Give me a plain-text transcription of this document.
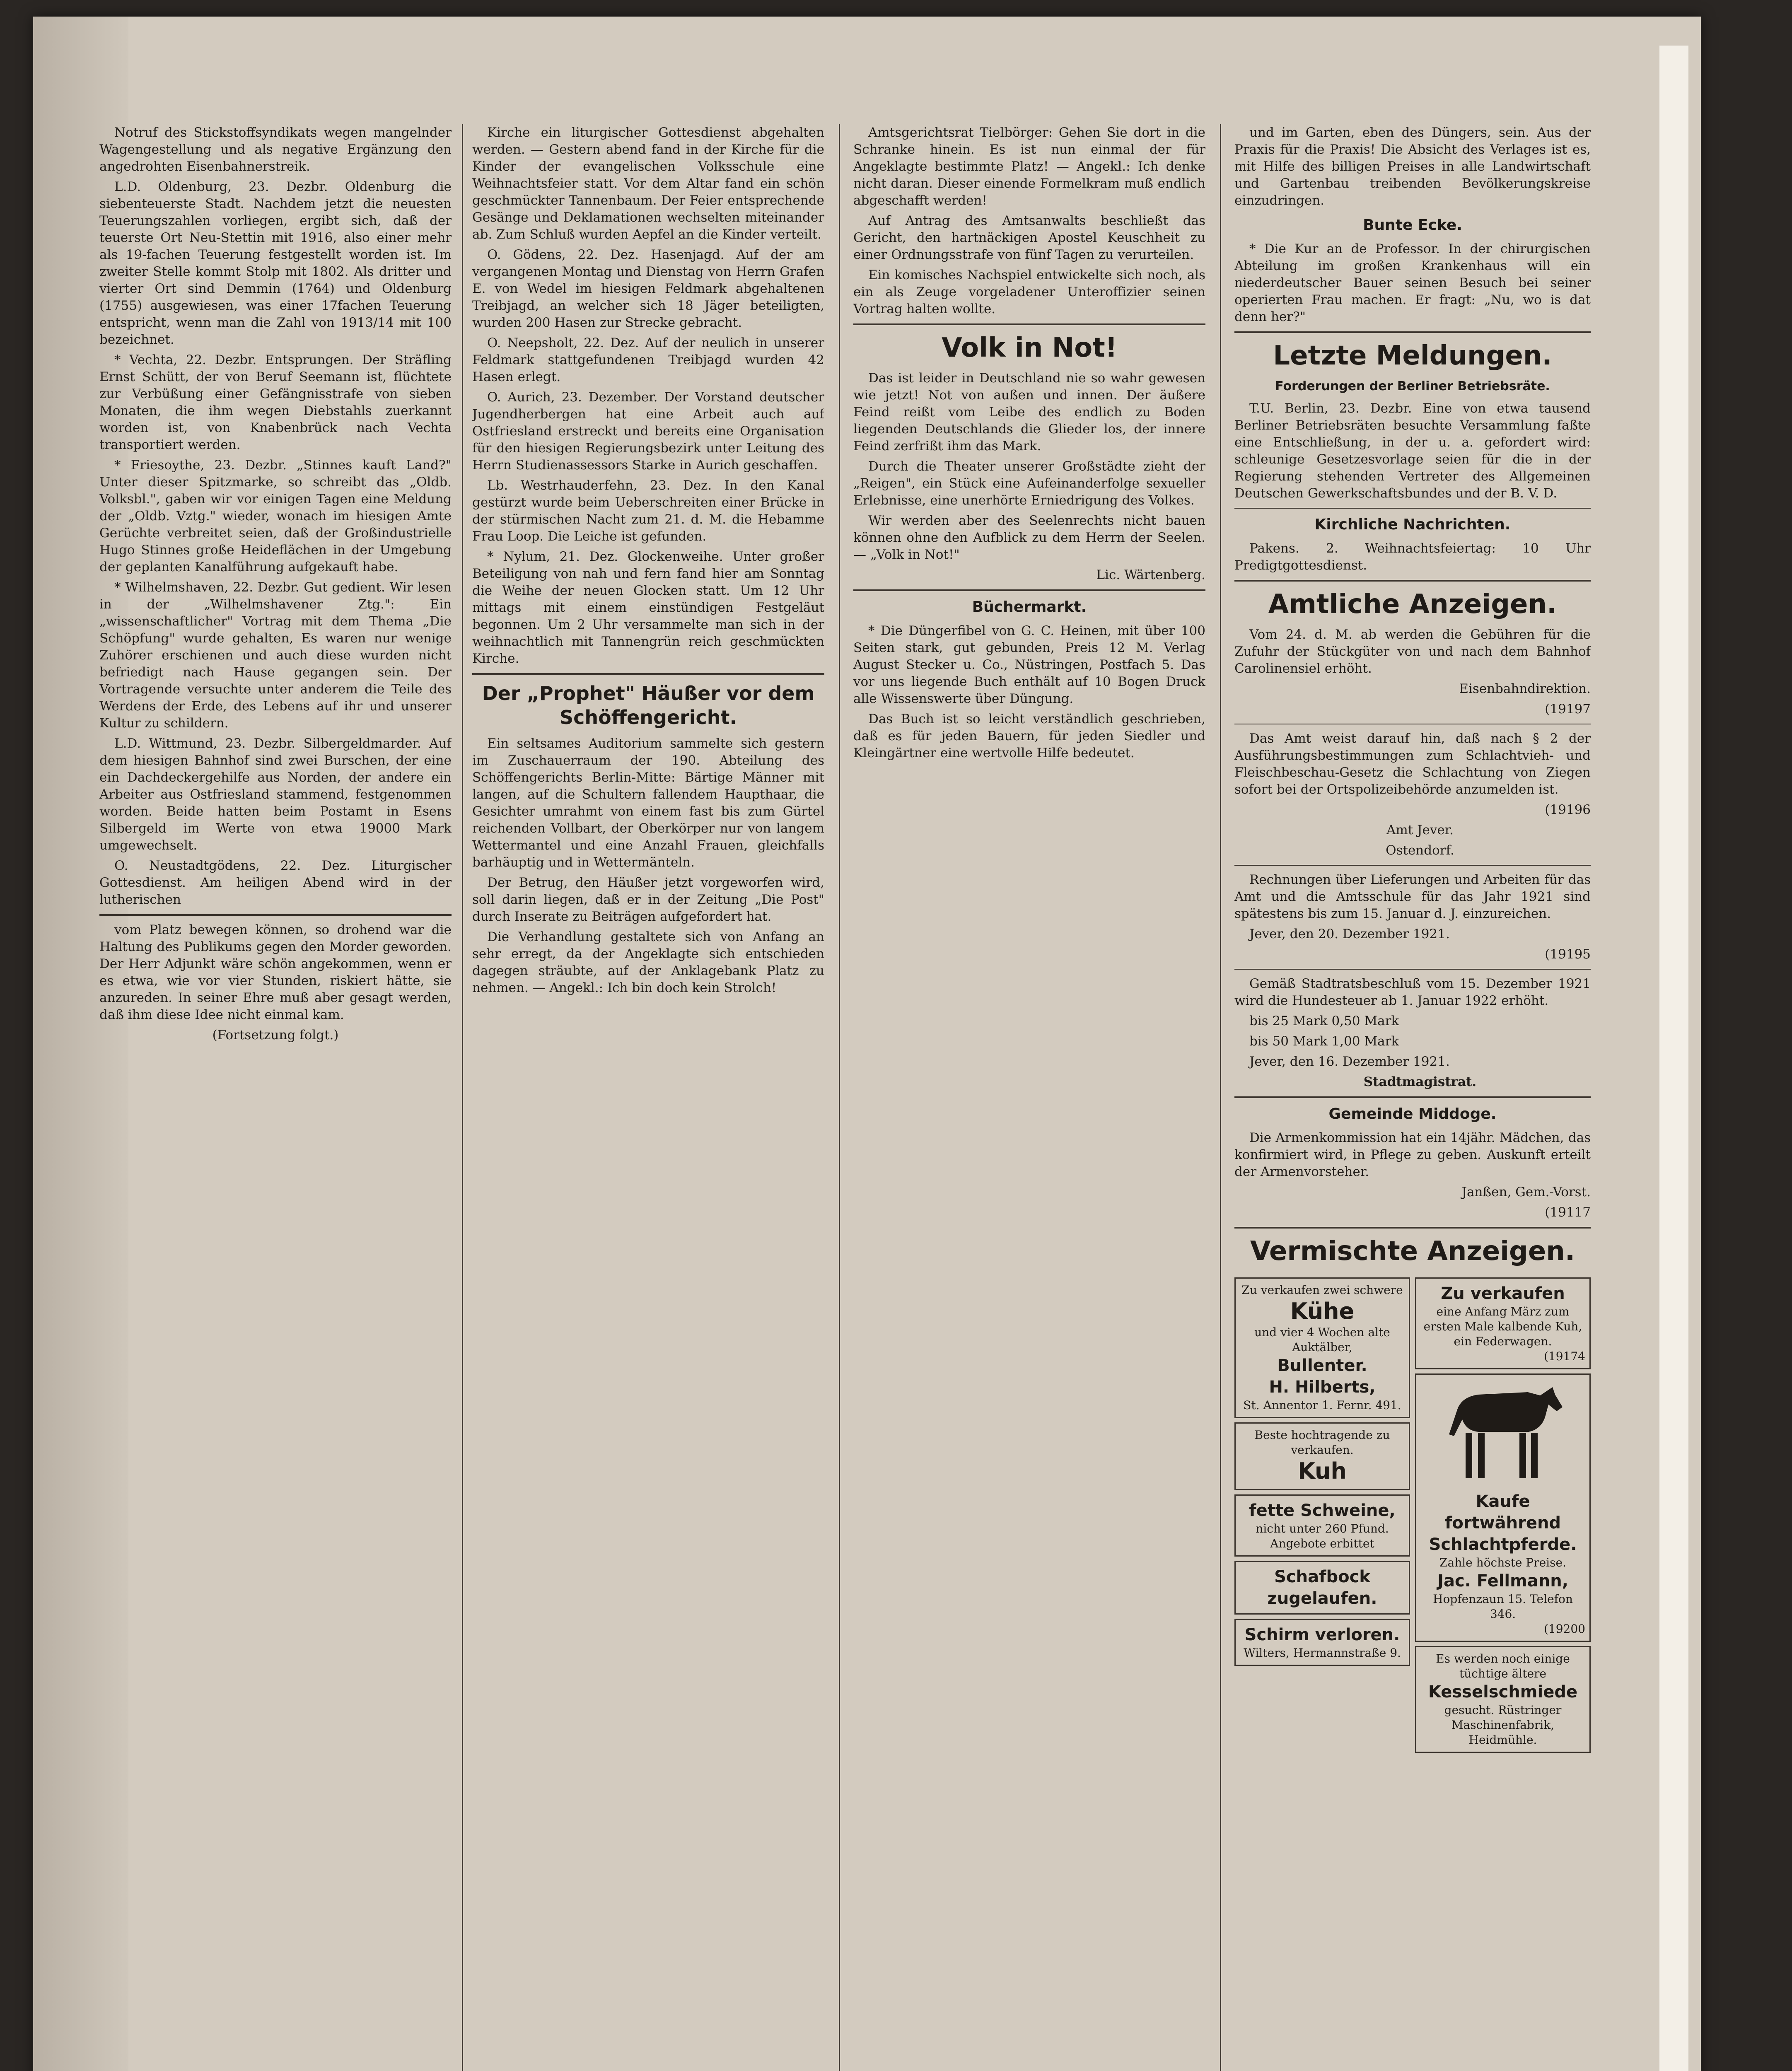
Notruf des Stickstoffsyndikats wegen mangelnder Wagengestellung und als negative Ergänzung den angedrohten Eisenbahnerstreik.

L.D. Oldenburg, 23. Dezbr. Oldenburg die siebenteuerste Stadt. Nachdem jetzt die neuesten Teuerungszahlen vorliegen, ergibt sich, daß der teuerste Ort Neu-Stettin mit 1916, also einer mehr als 19-fachen Teuerung festgestellt worden ist. Im zweiter Stelle kommt Stolp mit 1802. Als dritter und vierter Ort sind Demmin (1764) und Oldenburg (1755) ausgewiesen, was einer 17fachen Teuerung entspricht, wenn man die Zahl von 1913/14 mit 100 bezeichnet.

* Vechta, 22. Dezbr. Entsprungen. Der Sträfling Ernst Schütt, der von Beruf Seemann ist, flüchtete zur Verbüßung einer Gefängnisstrafe von sieben Monaten, die ihm wegen Diebstahls zuerkannt worden ist, von Knabenbrück nach Vechta transportiert werden.

* Friesoythe, 23. Dezbr. „Stinnes kauft Land?" Unter dieser Spitzmarke, so schreibt das „Oldb. Volksbl.", gaben wir vor einigen Tagen eine Meldung der „Oldb. Vztg." wieder, wonach im hiesigen Amte Gerüchte verbreitet seien, daß der Großindustrielle Hugo Stinnes große Heideflächen in der Umgebung der geplanten Kanalführung aufgekauft habe.

* Wilhelmshaven, 22. Dezbr. Gut gedient. Wir lesen in der „Wilhelmshavener Ztg.": Ein „wissenschaftlicher" Vortrag mit dem Thema „Die Schöpfung" wurde gehalten, Es waren nur wenige Zuhörer erschienen und auch diese wurden nicht befriedigt nach Hause gegangen sein. Der Vortragende versuchte unter anderem die Teile des Werdens der Erde, des Lebens auf ihr und unserer Kultur zu schildern.

L.D. Wittmund, 23. Dezbr. Silbergeldmarder. Auf dem hiesigen Bahnhof sind zwei Burschen, der eine ein Dachdeckergehilfe aus Norden, der andere ein Arbeiter aus Ostfriesland stammend, festgenommen worden. Beide hatten beim Postamt in Esens Silbergeld im Werte von etwa 19000 Mark umgewechselt.

O. Neustadtgödens, 22. Dez. Liturgischer Gottesdienst. Am heiligen Abend wird in der lutherischen

vom Platz bewegen können, so drohend war die Haltung des Publikums gegen den Morder geworden. Der Herr Adjunkt wäre schön angekommen, wenn er es etwa, wie vor vier Stunden, riskiert hätte, sie anzureden. In seiner Ehre muß aber gesagt werden, daß ihm diese Idee nicht einmal kam.

(Fortsetzung folgt.)

Kirche ein liturgischer Gottesdienst abgehalten werden. — Gestern abend fand in der Kirche für die Kinder der evangelischen Volksschule eine Weihnachtsfeier statt. Vor dem Altar fand ein schön geschmückter Tannenbaum. Der Feier entsprechende Gesänge und Deklamationen wechselten miteinander ab. Zum Schluß wurden Aepfel an die Kinder verteilt.

O. Gödens, 22. Dez. Hasenjagd. Auf der am vergangenen Montag und Dienstag von Herrn Grafen E. von Wedel im hiesigen Feldmark abgehaltenen Treibjagd, an welcher sich 18 Jäger beteiligten, wurden 200 Hasen zur Strecke gebracht.

O. Neepsholt, 22. Dez. Auf der neulich in unserer Feldmark stattgefundenen Treibjagd wurden 42 Hasen erlegt.

O. Aurich, 23. Dezember. Der Vorstand deutscher Jugendherbergen hat eine Arbeit auch auf Ostfriesland erstreckt und bereits eine Organisation für den hiesigen Regierungsbezirk unter Leitung des Herrn Studienassessors Starke in Aurich geschaffen.

Lb. Westrhauderfehn, 23. Dez. In den Kanal gestürzt wurde beim Ueberschreiten einer Brücke in der stürmischen Nacht zum 21. d. M. die Hebamme Frau Loop. Die Leiche ist gefunden.

* Nylum, 21. Dez. Glockenweihe. Unter großer Beteiligung von nah und fern fand hier am Sonntag die Weihe der neuen Glocken statt. Um 12 Uhr mittags mit einem einstündigen Festgeläut begonnen. Um 2 Uhr versammelte man sich in der weihnachtlich mit Tannengrün reich geschmückten Kirche.

Der „Prophet" Häußer vor dem Schöffengericht.

Ein seltsames Auditorium sammelte sich gestern im Zuschauerraum der 190. Abteilung des Schöffengerichts Berlin-Mitte: Bärtige Männer mit langen, auf die Schultern fallendem Haupthaar, die Gesichter umrahmt von einem fast bis zum Gürtel reichenden Vollbart, der Oberkörper nur von langem Wettermantel und eine Anzahl Frauen, gleichfalls barhäuptig und in Wettermänteln.

Der Betrug, den Häußer jetzt vorgeworfen wird, soll darin liegen, daß er in der Zeitung „Die Post" durch Inserate zu Beiträgen aufgefordert hat.

Die Verhandlung gestaltete sich von Anfang an sehr erregt, da der Angeklagte sich entschieden dagegen sträubte, auf der Anklagebank Platz zu nehmen. — Angekl.: Ich bin doch kein Strolch!

Amtsgerichtsrat Tielbörger: Gehen Sie dort in die Schranke hinein. Es ist nun einmal der für Angeklagte bestimmte Platz! — Angekl.: Ich denke nicht daran. Dieser einende Formelkram muß endlich abgeschafft werden!

Auf Antrag des Amtsanwalts beschließt das Gericht, den hartnäckigen Apostel Keuschheit zu einer Ordnungsstrafe von fünf Tagen zu verurteilen.

Ein komisches Nachspiel entwickelte sich noch, als ein als Zeuge vorgeladener Unteroffizier seinen Vortrag halten wollte.

Volk in Not!

Das ist leider in Deutschland nie so wahr gewesen wie jetzt! Not von außen und innen. Der äußere Feind reißt vom Leibe des endlich zu Boden liegenden Deutschlands die Glieder los, der innere Feind zerfrißt ihm das Mark.

Durch die Theater unserer Großstädte zieht der „Reigen", ein Stück eine Aufeinanderfolge sexueller Erlebnisse, eine unerhörte Erniedrigung des Volkes.

Wir werden aber des Seelenrechts nicht bauen können ohne den Aufblick zu dem Herrn der Seelen. — „Volk in Not!"

Lic. Wärtenberg.

Büchermarkt.

* Die Düngerfibel von G. C. Heinen, mit über 100 Seiten stark, gut gebunden, Preis 12 M. Verlag August Stecker u. Co., Nüstringen, Postfach 5. Das vor uns liegende Buch enthält auf 10 Bogen Druck alle Wissenswerte über Düngung.

Das Buch ist so leicht verständlich geschrieben, daß es für jeden Bauern, für jeden Siedler und Kleingärtner eine wertvolle Hilfe bedeutet.

und im Garten, eben des Düngers, sein. Aus der Praxis für die Praxis! Die Absicht des Verlages ist es, mit Hilfe des billigen Preises in alle Landwirtschaft und Gartenbau treibenden Bevölkerungskreise einzudringen.

Bunte Ecke.

* Die Kur an de Professor. In der chirurgischen Abteilung im großen Krankenhaus will ein niederdeutscher Bauer seinen Besuch bei seiner operierten Frau machen. Er fragt: „Nu, wo is dat denn her?"

Letzte Meldungen.
Forderungen der Berliner Betriebsräte.

T.U. Berlin, 23. Dezbr. Eine von etwa tausend Berliner Betriebsräten besuchte Versammlung faßte eine Entschließung, in der u. a. gefordert wird: schleunige Gesetzesvorlage seien für die in der Regierung stehenden Vertreter des Allgemeinen Deutschen Gewerkschaftsbundes und der B. V. D.

Kirchliche Nachrichten.

Pakens. 2. Weihnachtsfeiertag: 10 Uhr Predigtgottesdienst.

Amtliche Anzeigen.

Vom 24. d. M. ab werden die Gebühren für die Zufuhr der Stückgüter von und nach dem Bahnhof Carolinensiel erhöht.

Eisenbahndirektion.

(19197

Das Amt weist darauf hin, daß nach § 2 der Ausführungsbestimmungen zum Schlachtvieh- und Fleischbeschau-Gesetz die Schlachtung von Ziegen sofort bei der Ortspolizeibehörde anzumelden ist.

(19196

Amt Jever.

Ostendorf.

Rechnungen über Lieferungen und Arbeiten für das Amt und die Amtsschule für das Jahr 1921 sind spätestens bis zum 15. Januar d. J. einzureichen.

Jever, den 20. Dezember 1921.

(19195

Gemäß Stadtratsbeschluß vom 15. Dezember 1921 wird die Hundesteuer ab 1. Januar 1922 erhöht.

bis 25 Mark 0,50 Mark

bis 50 Mark 1,00 Mark

Jever, den 16. Dezember 1921.

Stadtmagistrat.

Gemeinde Middoge.

Die Armenkommission hat ein 14jähr. Mädchen, das konfirmiert wird, in Pflege zu geben. Auskunft erteilt der Armenvorsteher.

Janßen, Gem.-Vorst.

(19117

Vermischte Anzeigen.
Zu verkaufen zwei schwere
Kühe
und vier 4 Wochen alte Auktälber,
Bullenter.
H. Hilberts,
St. Annentor 1. Fernr. 491.
Beste hochtragende zu verkaufen.
Kuh
fette Schweine,
nicht unter 260 Pfund. Angebote erbittet
Schafbock zugelaufen.
Schirm verloren.
Wilters, Hermannstraße 9.
Zu verkaufen
eine Anfang März zum ersten Male kalbende Kuh, ein Federwagen.
(19174
Kaufe fortwährend Schlachtpferde.
Zahle höchste Preise.
Jac. Fellmann,
Hopfenzaun 15. Telefon 346.
(19200
Es werden noch einige tüchtige ältere
Kesselschmiede
gesucht. Rüstringer Maschinenfabrik, Heidmühle.
